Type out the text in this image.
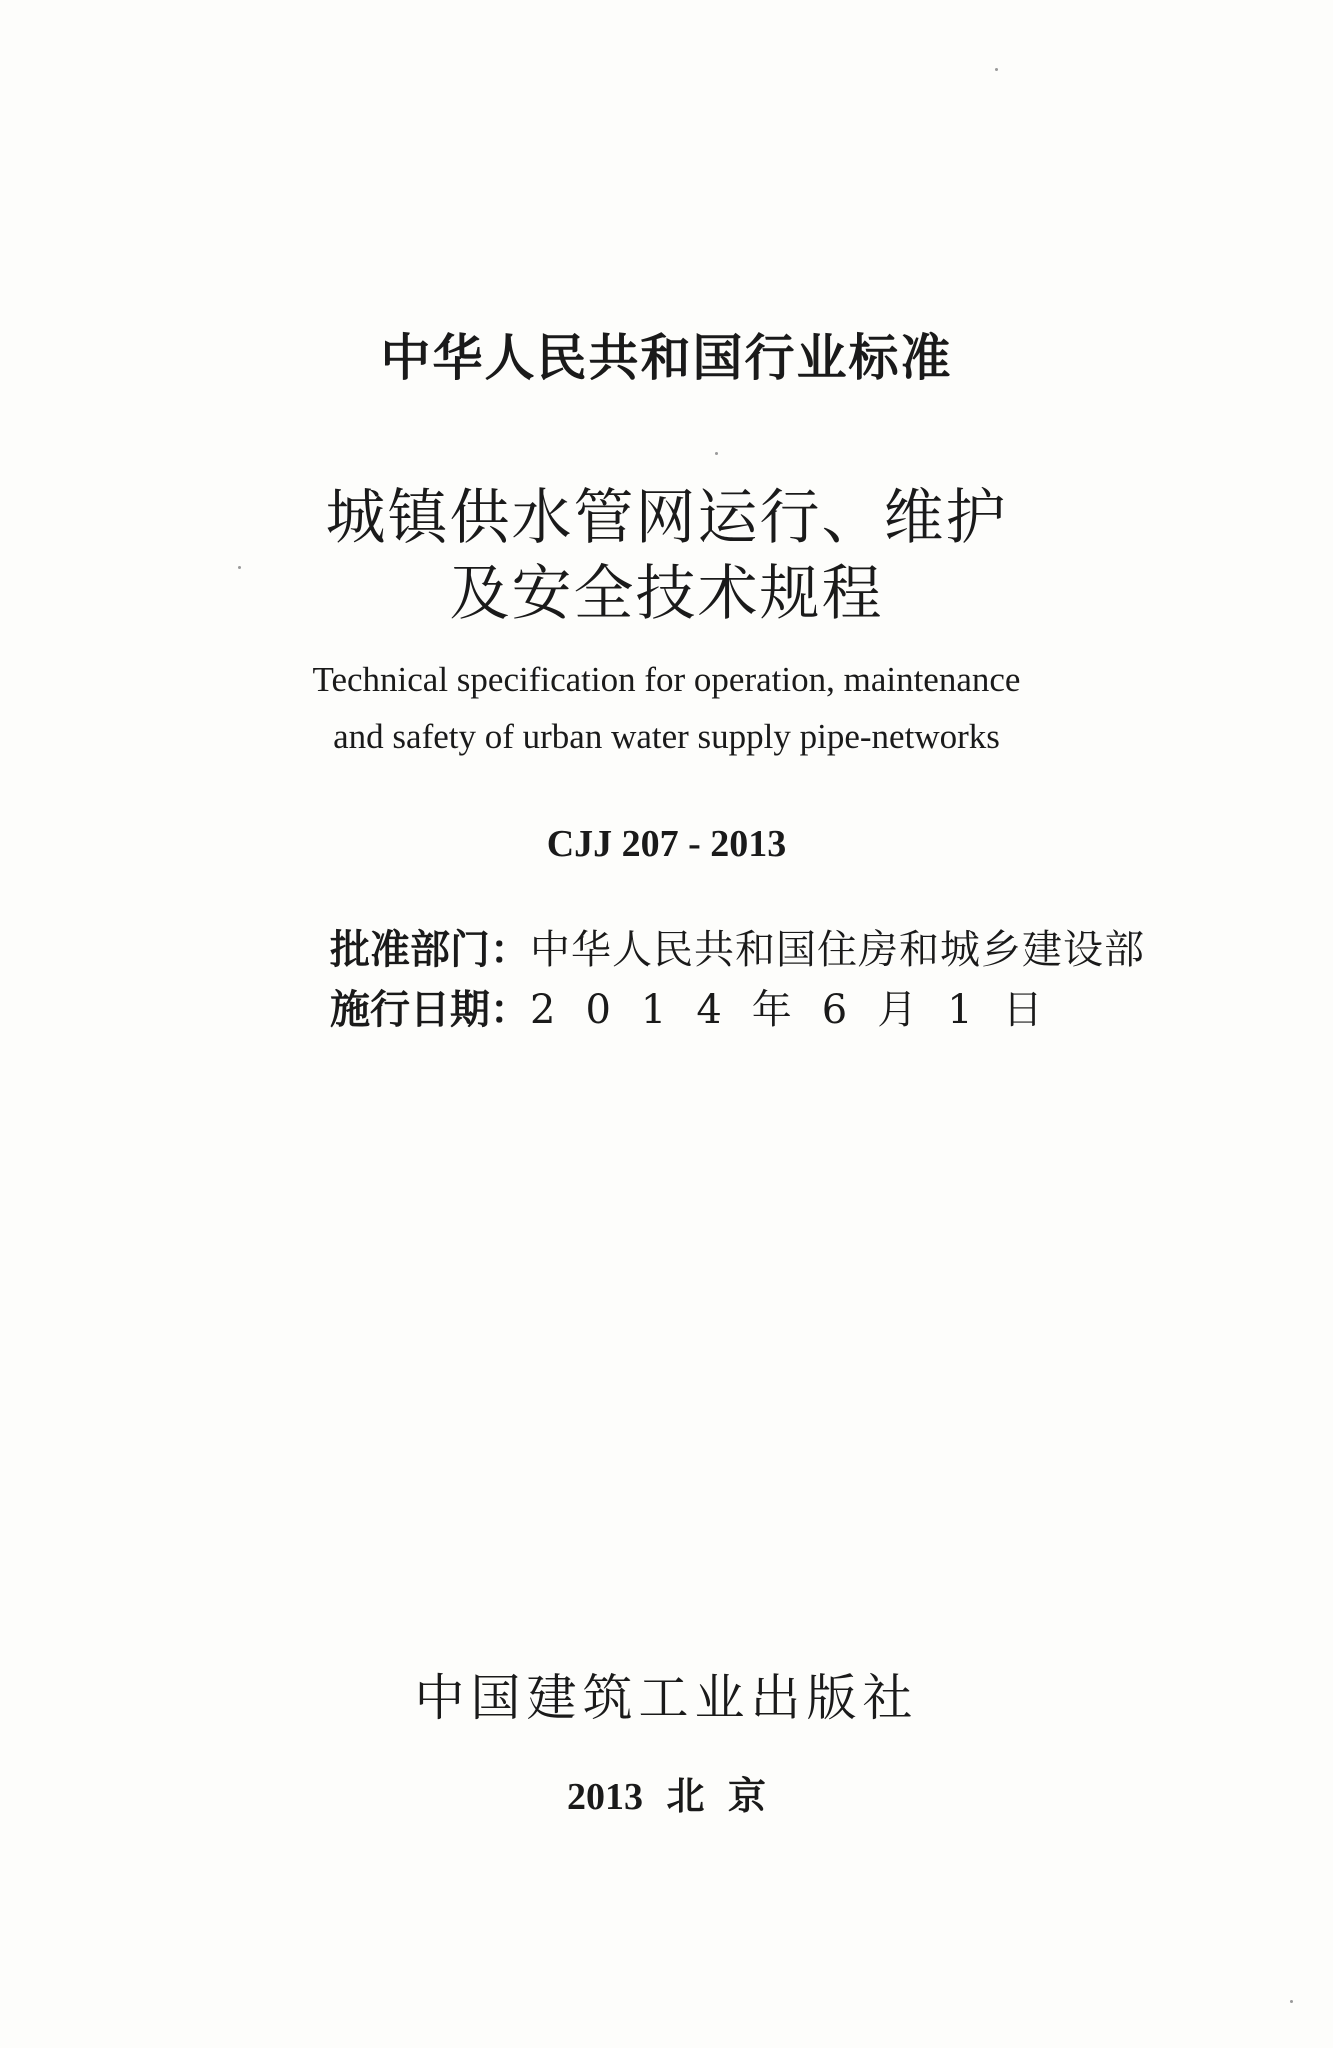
中华人民共和国行业标准
城镇供水管网运行、维护
及安全技术规程
Technical specification for operation, maintenance
and safety of urban water supply pipe-networks
CJJ 207 - 2013
批准部门： 中华人民共和国住房和城乡建设部
施行日期： 2014年6月1日
中国建筑工业出版社
2013 北 京
